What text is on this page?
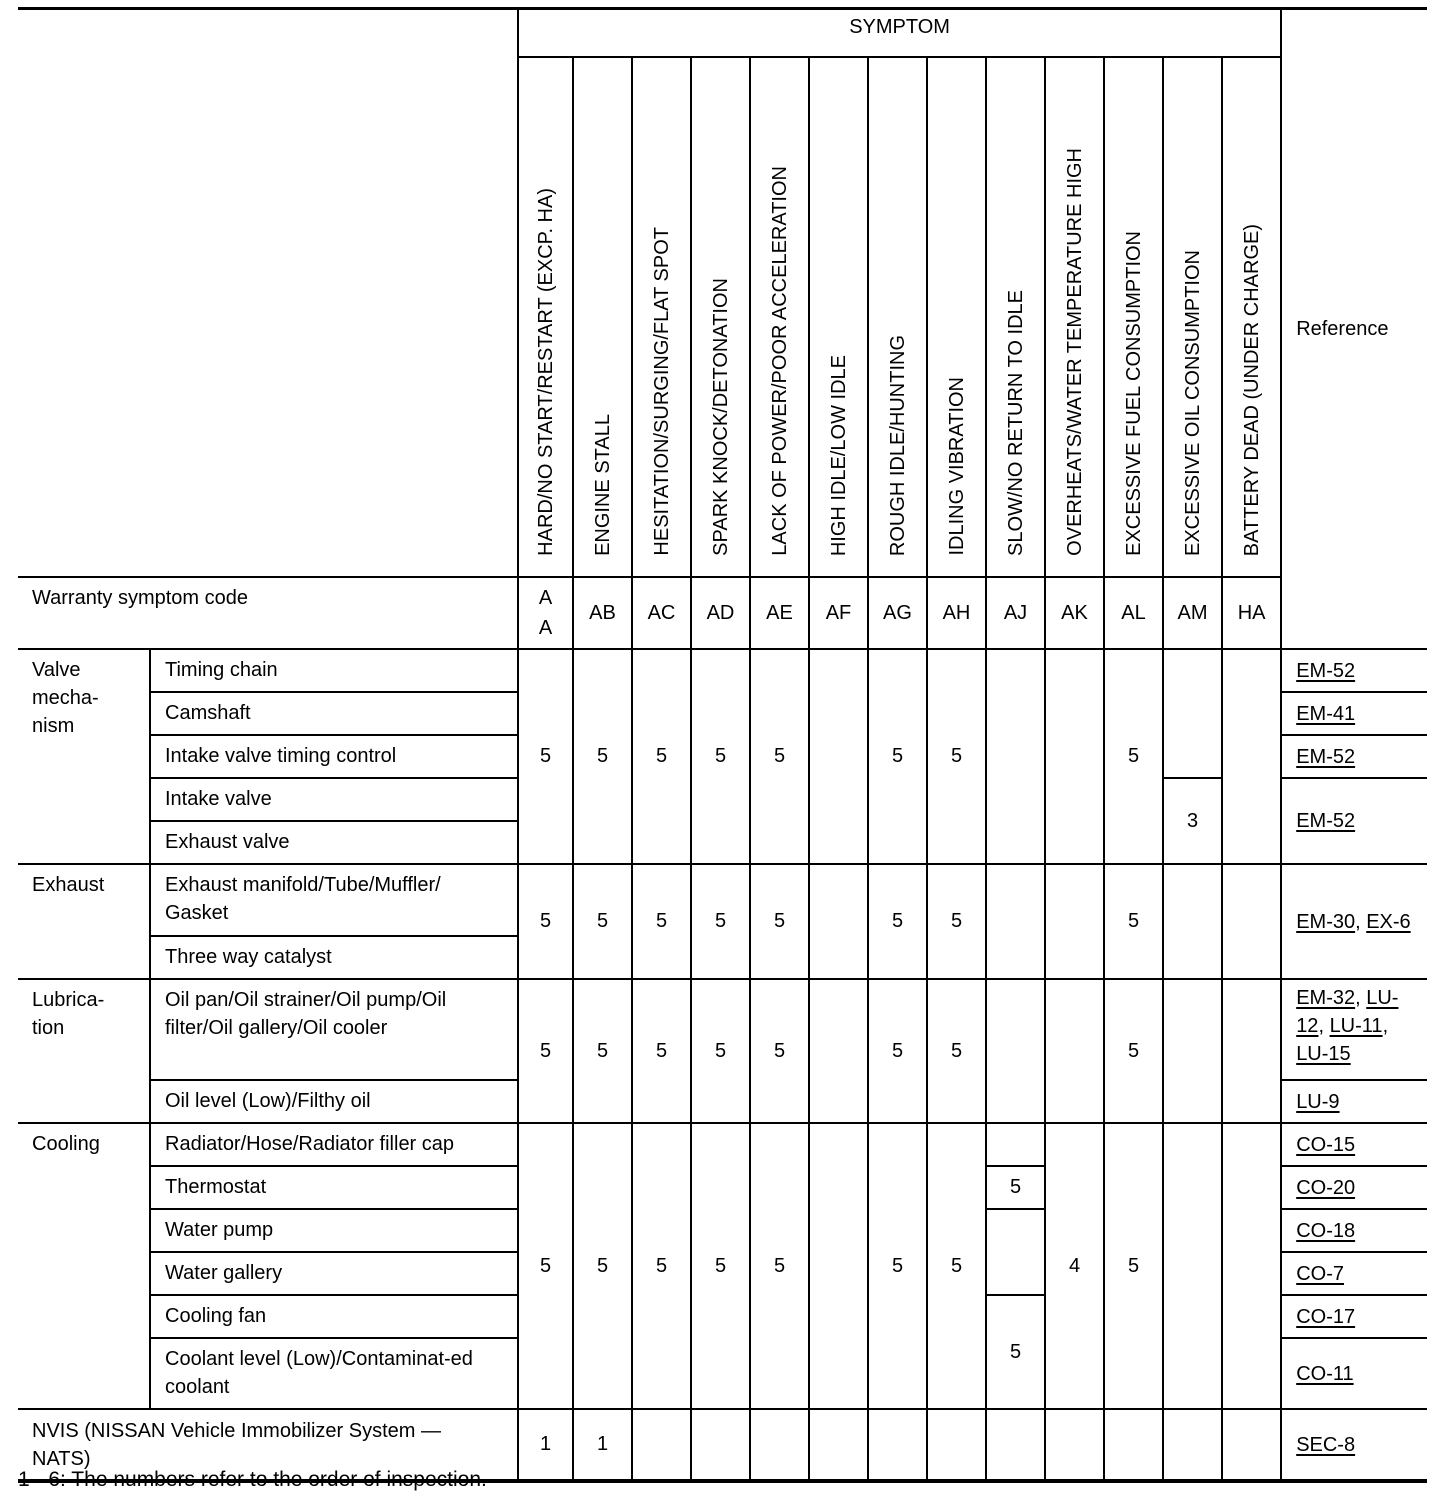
		SYMPTOM													Reference
		HARD/NO START/RESTART (EXCP. HA)	ENGINE STALL	HESITATION/SURGING/FLAT SPOT	SPARK KNOCK/DETONATION	LACK OF POWER/POOR ACCELERATION	HIGH IDLE/LOW IDLE	ROUGH IDLE/HUNTING	IDLING VIBRATION	SLOW/NO RETURN TO IDLE	OVERHEATS/WATER TEMPERATURE HIGH	EXCESSIVE FUEL CONSUMPTION	EXCESSIVE OIL CONSUMPTION	BATTERY DEAD (UNDER CHARGE)	
Warranty symptom code		AA	AB	AC	AD	AE	AF	AG	AH	AJ	AK	AL	AM	HA	
Valve mecha-nism	Timing chain	5	5	5	5	5		5	5			5			EM-52
	Camshaft														EM-41
	Intake valve timing control														EM-52
	Intake valve												3		EM-52
	Exhaust valve														
Exhaust	Exhaust manifold/Tube/Muffler/ Gasket	5	5	5	5	5		5	5			5			EM-30, EX-6
	Three way catalyst														
Lubrica-tion	Oil pan/Oil strainer/Oil pump/Oil filter/Oil gallery/Oil cooler	5	5	5	5	5		5	5			5			EM-32, LU-12, LU-11, LU-15
	Oil level (Low)/Filthy oil														LU-9
Cooling	Radiator/Hose/Radiator filler cap	5	5	5	5	5		5	5		4	5			CO-15
	Thermostat									5					CO-20
	Water pump														CO-18
	Water gallery														CO-7
	Cooling fan									5					CO-17
	Coolant level (Low)/Contaminat-ed coolant														CO-11
NVIS (NISSAN Vehicle Immobilizer System — NATS)		1	1												SEC-8
1 - 6: The numbers refer to the order of inspection.
